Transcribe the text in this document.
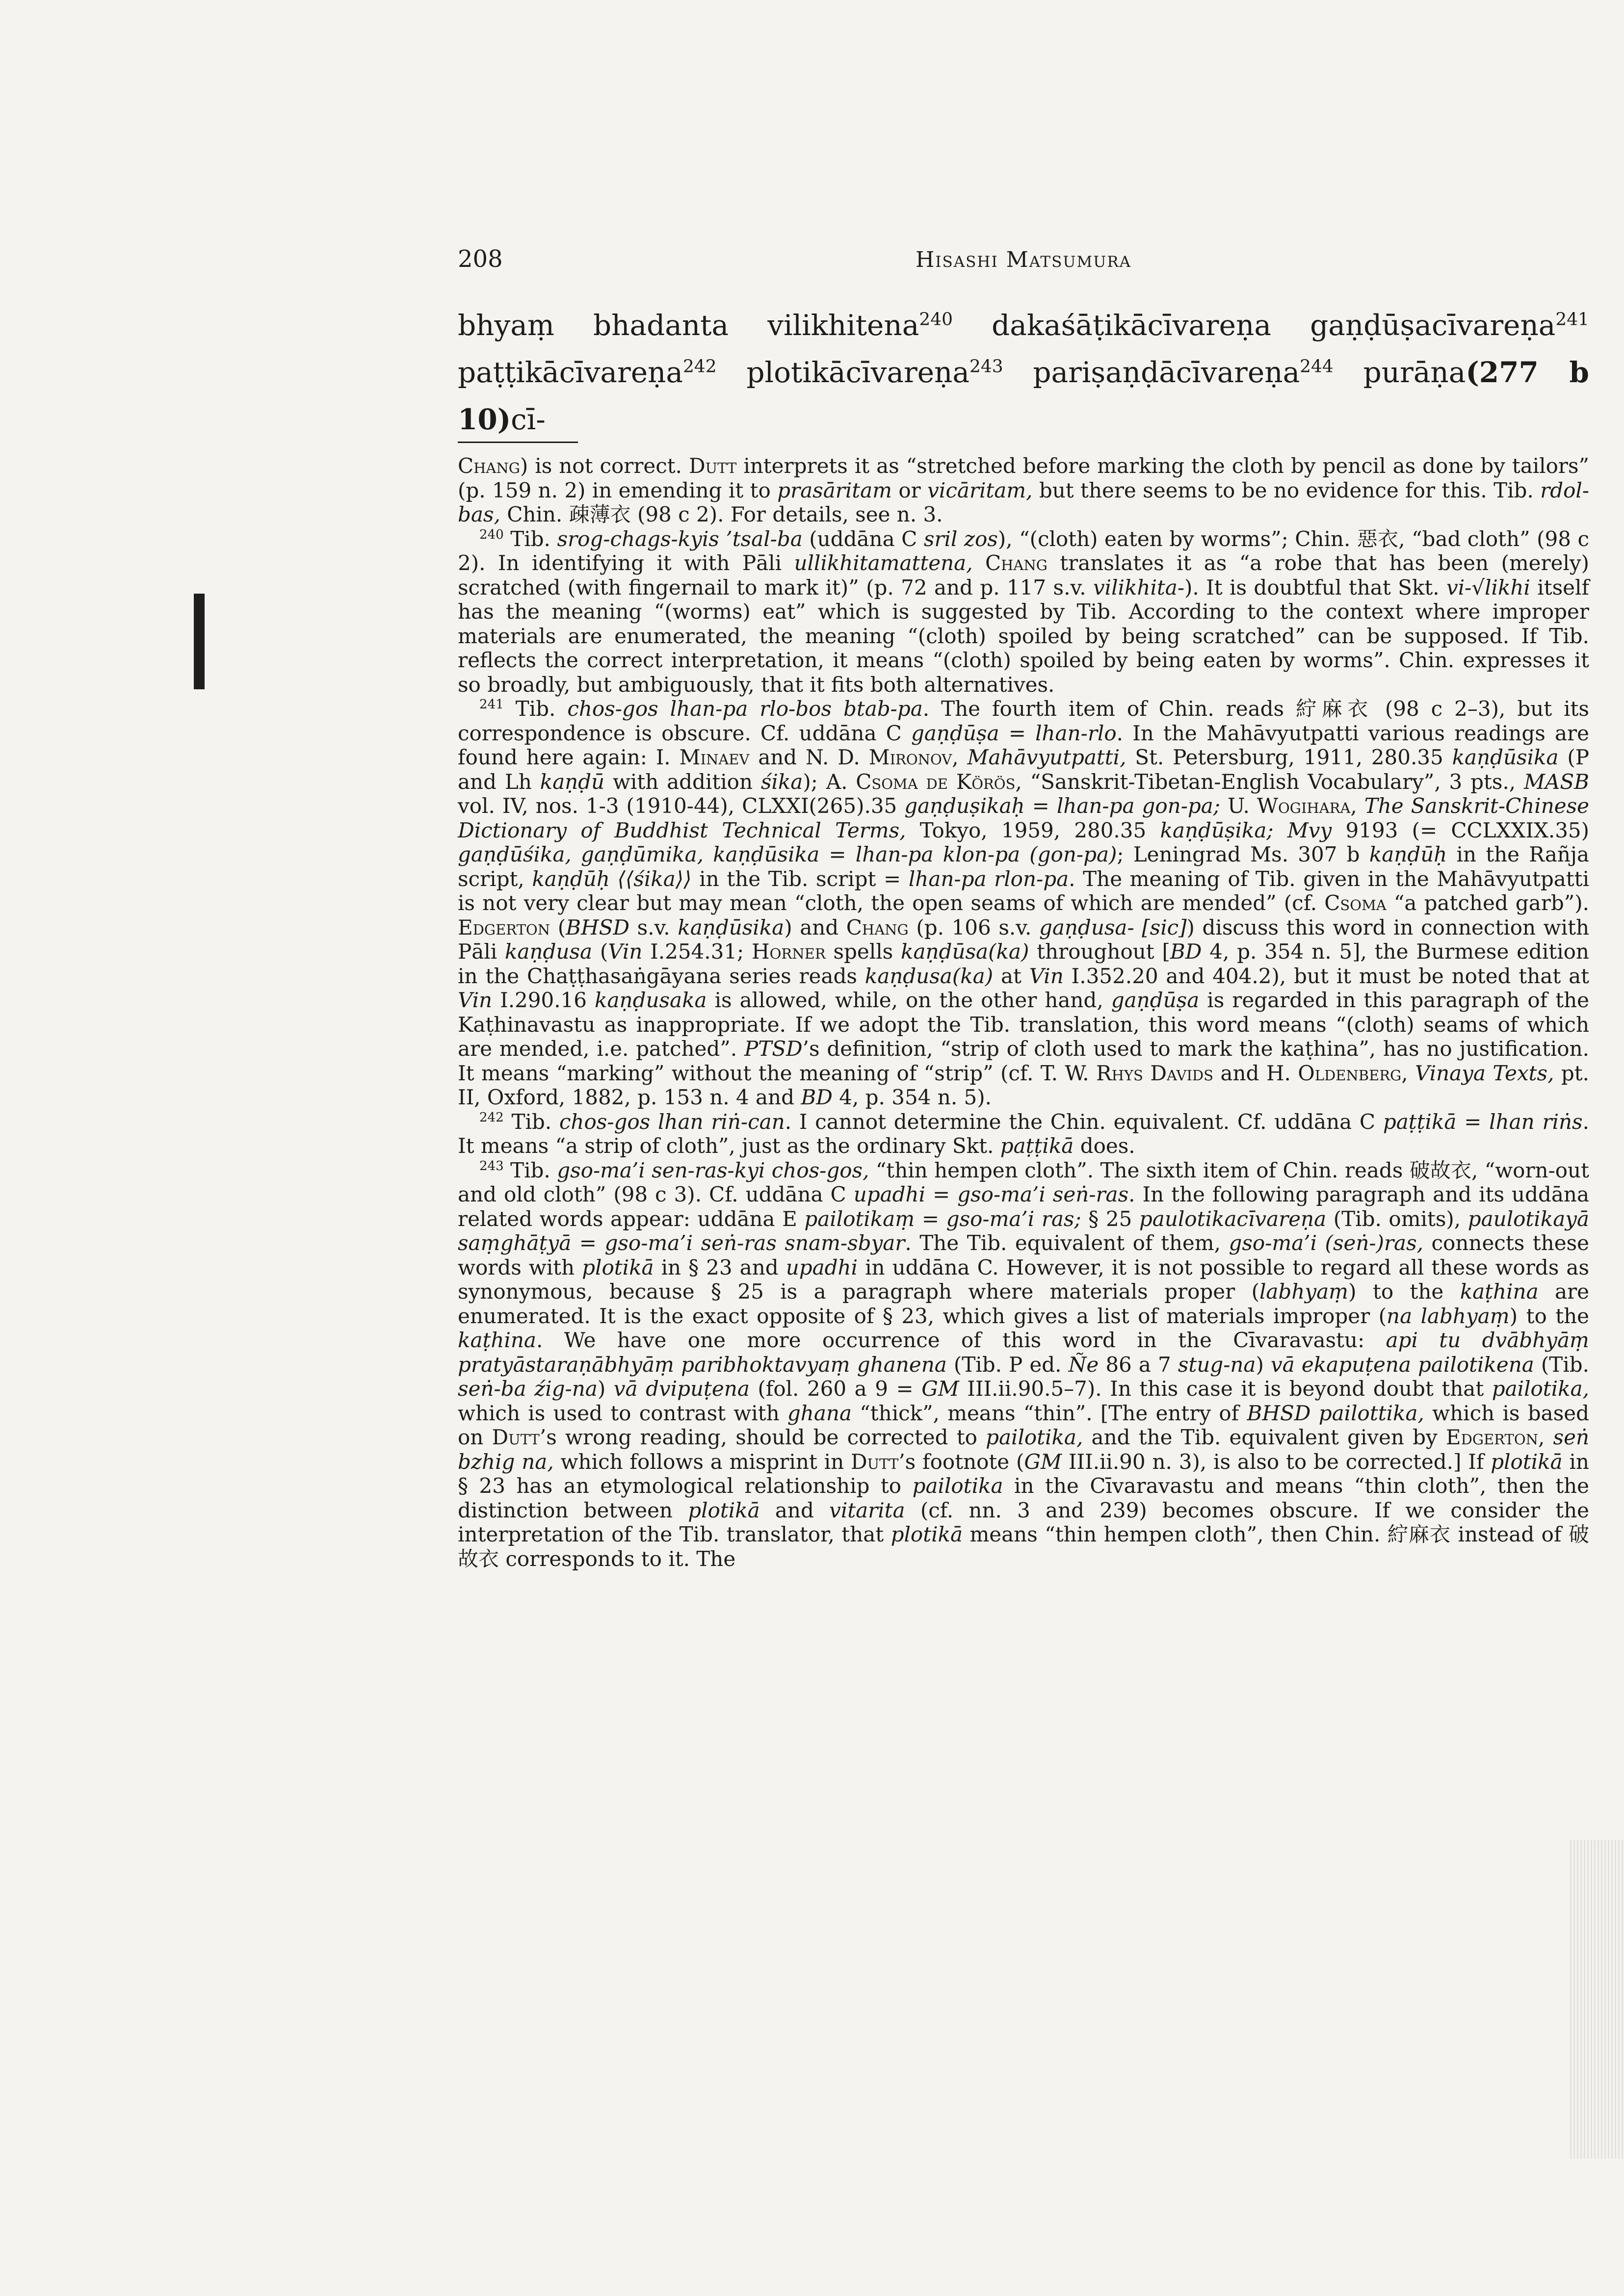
208	Hisashi Matsumura
bhyaṃ bhadanta vilikhitena$^{240}$ dakaśāṭikācīvareṇa gaṇḍūṣacīvareṇa$^{241}$ paṭṭikācīvareṇa$^{242}$ plotikācīvareṇa$^{243}$ pariṣaṇḍācīvareṇa$^{244}$ purāṇa(277 b 10)cī-

Chang) is not correct. Dutt interprets it as “stretched before marking the cloth by pencil as done by tailors” (p. 159 n. 2) in emending it to prasāritam or vicāritam, but there seems to be no evidence for this. Tib. rdol-bas, Chin. 疎薄衣 (98 c 2). For details, see n. 3.

$^{240}$ Tib. srog-chags-kyis ’tsal-ba (uddāna C sril zos), “(cloth) eaten by worms”; Chin. 惡衣, “bad cloth” (98 c 2). In identifying it with Pāli ullikhitamattena, Chang translates it as “a robe that has been (merely) scratched (with fingernail to mark it)” (p. 72 and p. 117 s.v. vilikhita-). It is doubtful that Skt. vi-√likhi itself has the meaning “(worms) eat” which is suggested by Tib. According to the context where improper materials are enumerated, the meaning “(cloth) spoiled by being scratched” can be supposed. If Tib. reflects the correct interpretation, it means “(cloth) spoiled by being eaten by worms”. Chin. expresses it so broadly, but ambiguously, that it fits both alternatives.

$^{241}$ Tib. chos-gos lhan-pa rlo-bos btab-pa. The fourth item of Chin. reads 紵麻衣 (98 c 2–3), but its correspondence is obscure. Cf. uddāna C gaṇḍūṣa = lhan-rlo. In the Mahāvyutpatti various readings are found here again: I. Minaev and N. D. Mironov, Mahāvyutpatti, St. Petersburg, 1911, 280.35 kaṇḍūsika (P and Lh kaṇḍū with addition śika); A. Csoma de Körös, “Sanskrit-Tibetan-English Vocabulary”, 3 pts., MASB vol. IV, nos. 1-3 (1910-44), CLXXI(265).35 gaṇḍuṣikaḥ = lhan-pa gon-pa; U. Wogihara, The Sanskrit-Chinese Dictionary of Buddhist Technical Terms, Tokyo, 1959, 280.35 kaṇḍūṣika; Mvy 9193 (= CCLXXIX.35) gaṇḍūśika, gaṇḍūmika, kaṇḍūsika = lhan-pa klon-pa (gon-pa); Leningrad Ms. 307 b kaṇḍūḥ in the Rañja script, kaṇḍūḥ ⟨⟨śika⟩⟩ in the Tib. script = lhan-pa rlon-pa. The meaning of Tib. given in the Mahāvyutpatti is not very clear but may mean “cloth, the open seams of which are mended” (cf. Csoma “a patched garb”). Edgerton (BHSD s.v. kaṇḍūsika) and Chang (p. 106 s.v. gaṇḍusa- [sic]) discuss this word in connection with Pāli kaṇḍusa (Vin I.254.31; Horner spells kaṇḍūsa(ka) throughout [BD 4, p. 354 n. 5], the Burmese edition in the Chaṭṭhasaṅgāyana series reads kaṇḍusa(ka) at Vin I.352.20 and 404.2), but it must be noted that at Vin I.290.16 kaṇḍusaka is allowed, while, on the other hand, gaṇḍūṣa is regarded in this paragraph of the Kaṭhinavastu as inappropriate. If we adopt the Tib. translation, this word means “(cloth) seams of which are mended, i.e. patched”. PTSD’s definition, “strip of cloth used to mark the kaṭhina”, has no justification. It means “marking” without the meaning of “strip” (cf. T. W. Rhys Davids and H. Oldenberg, Vinaya Texts, pt. II, Oxford, 1882, p. 153 n. 4 and BD 4, p. 354 n. 5).

$^{242}$ Tib. chos-gos lhan riṅ-can. I cannot determine the Chin. equivalent. Cf. uddāna C paṭṭikā = lhan riṅs. It means “a strip of cloth”, just as the ordinary Skt. paṭṭikā does.

$^{243}$ Tib. gso-ma’i sen-ras-kyi chos-gos, “thin hempen cloth”. The sixth item of Chin. reads 破故衣, “worn-out and old cloth” (98 c 3). Cf. uddāna C upadhi = gso-ma’i seṅ-ras. In the following paragraph and its uddāna related words appear: uddāna E pailotikaṃ = gso-ma’i ras; § 25 paulotikacīvareṇa (Tib. omits), paulotikayā saṃghāṭyā = gso-ma’i seṅ-ras snam-sbyar. The Tib. equivalent of them, gso-ma’i (seṅ-)ras, connects these words with plotikā in § 23 and upadhi in uddāna C. However, it is not possible to regard all these words as synonymous, because § 25 is a paragraph where materials proper (labhyaṃ) to the kaṭhina are enumerated. It is the exact opposite of § 23, which gives a list of materials improper (na labhyaṃ) to the kaṭhina. We have one more occurrence of this word in the Cīvaravastu: api tu dvābhyāṃ pratyāstaraṇābhyāṃ paribhoktavyaṃ ghanena (Tib. P ed. Ñe 86 a 7 stug-na) vā ekapuṭena pailotikena (Tib. seṅ-ba źig-na) vā dvipuṭena (fol. 260 a 9 = GM III.ii.90.5–7). In this case it is beyond doubt that pailotika, which is used to contrast with ghana “thick”, means “thin”. [The entry of BHSD pailottika, which is based on Dutt’s wrong reading, should be corrected to pailotika, and the Tib. equivalent given by Edgerton, seṅ bzhig na, which follows a misprint in Dutt’s footnote (GM III.ii.90 n. 3), is also to be corrected.] If plotikā in § 23 has an etymological relationship to pailotika in the Cīvaravastu and means “thin cloth”, then the distinction between plotikā and vitarita (cf. nn. 3 and 239) becomes obscure. If we consider the interpretation of the Tib. translator, that plotikā means “thin hempen cloth”, then Chin. 紵麻衣 instead of 破故衣 corresponds to it. The
